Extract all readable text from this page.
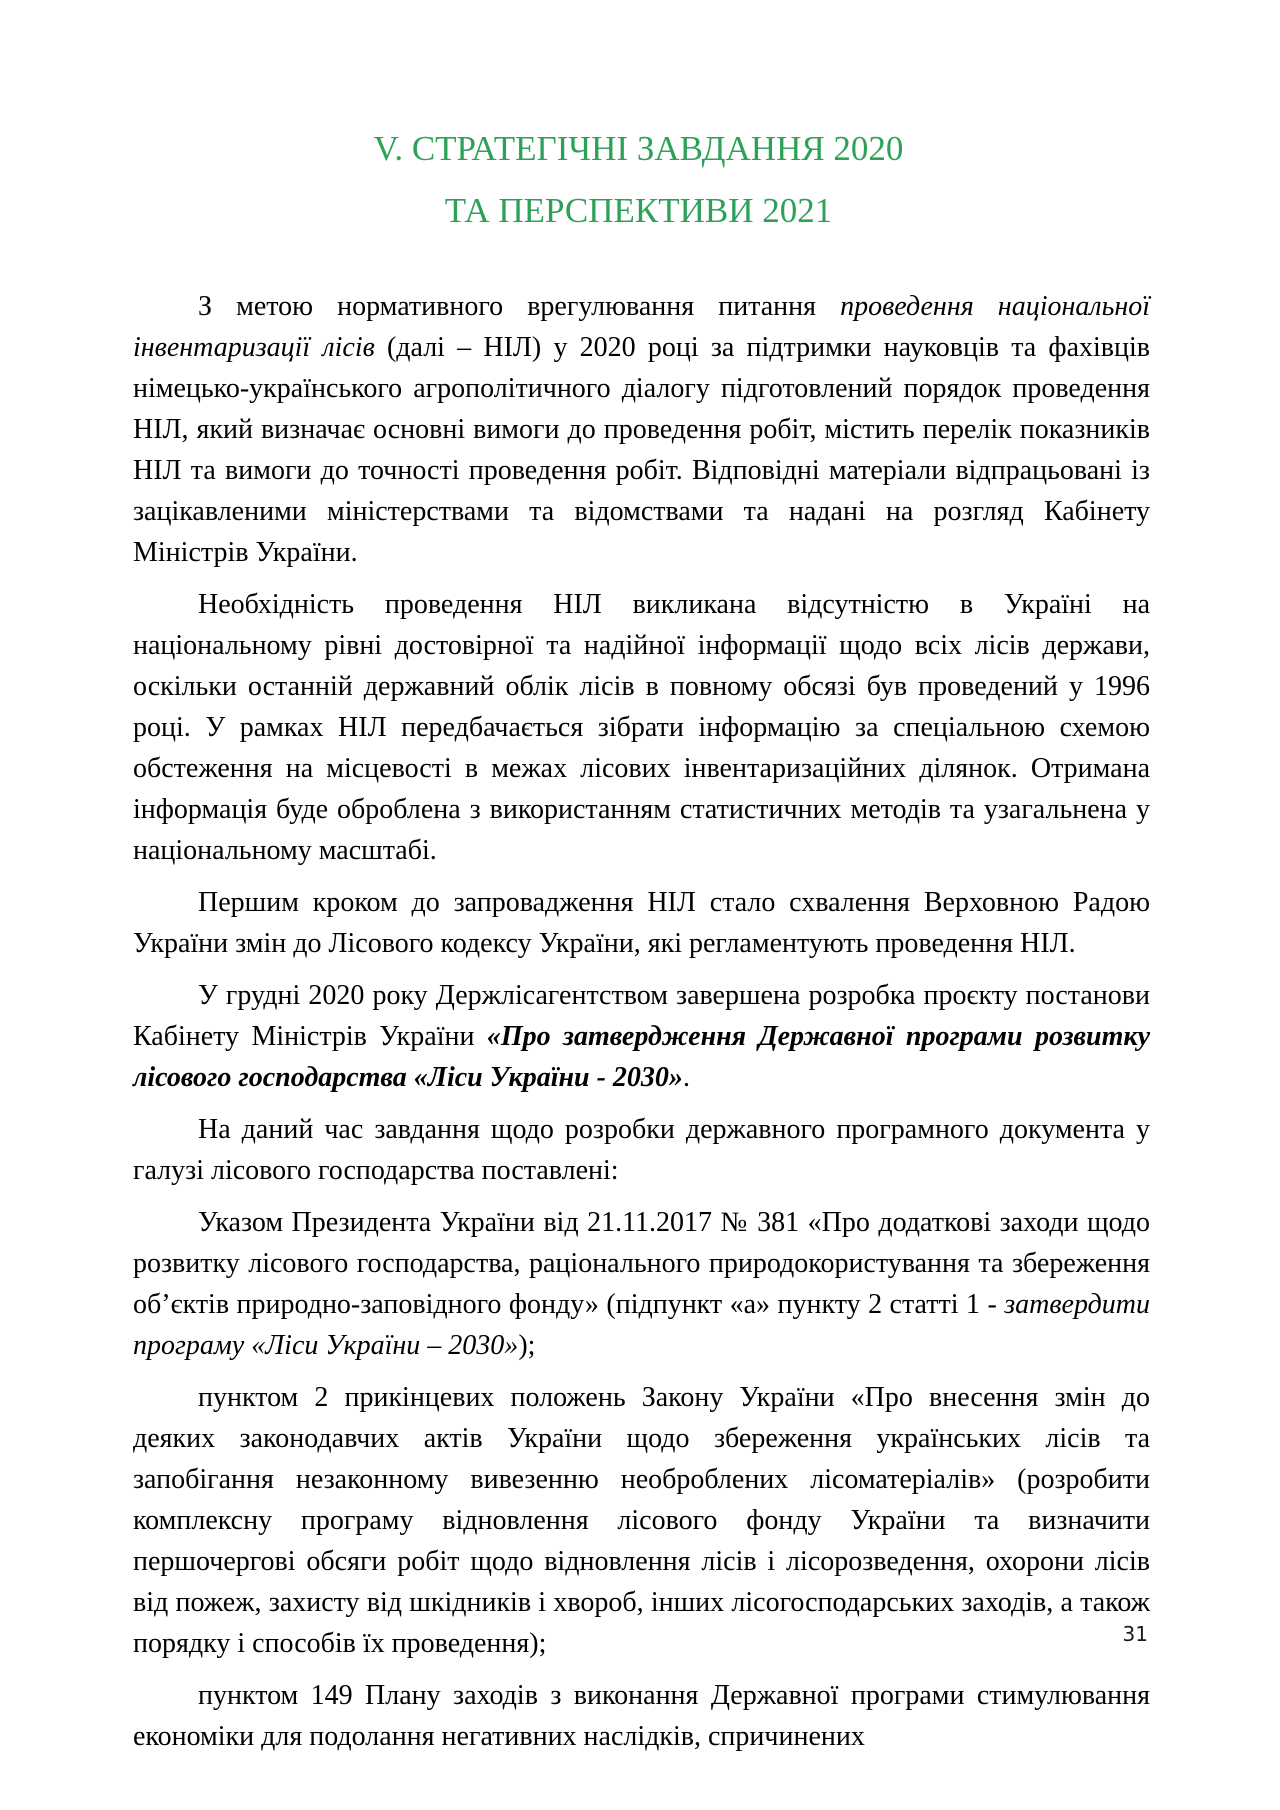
V. СТРАТЕГІЧНІ ЗАВДАННЯ 2020
ТА ПЕРСПЕКТИВИ 2021

З метою нормативного врегулювання питання проведення національної інвентаризації лісів (далі – НІЛ) у 2020 році за підтримки науковців та фахівців німецько-українського агрополітичного діалогу підготовлений порядок проведення НІЛ, який визначає основні вимоги до проведення робіт, містить перелік показників НІЛ та вимоги до точності проведення робіт. Відповідні матеріали відпрацьовані із зацікавленими міністерствами та відомствами та надані на розгляд Кабінету Міністрів України.

Необхідність проведення НІЛ викликана відсутністю в Україні на національному рівні достовірної та надійної інформації щодо всіх лісів держави, оскільки останній державний облік лісів в повному обсязі був проведений у 1996 році. У рамках НІЛ передбачається зібрати інформацію за спеціальною схемою обстеження на місцевості в межах лісових інвентаризаційних ділянок. Отримана інформація буде оброблена з використанням статистичних методів та узагальнена у національному масштабі.

Першим кроком до запровадження НІЛ стало схвалення Верховною Радою України змін до Лісового кодексу України, які регламентують проведення НІЛ.

У грудні 2020 року Держлісагентством завершена розробка проєкту постанови Кабінету Міністрів України «Про затвердження Державної програми розвитку лісового господарства «Ліси України - 2030».

На даний час завдання щодо розробки державного програмного документа у галузі лісового господарства поставлені:

Указом Президента України від 21.11.2017 № 381 «Про додаткові заходи щодо розвитку лісового господарства, раціонального природокористування та збереження об’єктів природно-заповідного фонду» (підпункт «а» пункту 2 статті 1 - затвердити програму «Ліси України – 2030»);

пунктом 2 прикінцевих положень Закону України «Про внесення змін до деяких законодавчих актів України щодо збереження українських лісів та запобігання незаконному вивезенню необроблених лісоматеріалів» (розробити комплексну програму відновлення лісового фонду України та визначити першочергові обсяги робіт щодо відновлення лісів і лісорозведення, охорони лісів від пожеж, захисту від шкідників і хвороб, інших лісогосподарських заходів, а також порядку і способів їх проведення);

пунктом 149 Плану заходів з виконання Державної програми стимулювання економіки для подолання негативних наслідків, спричинених

31
